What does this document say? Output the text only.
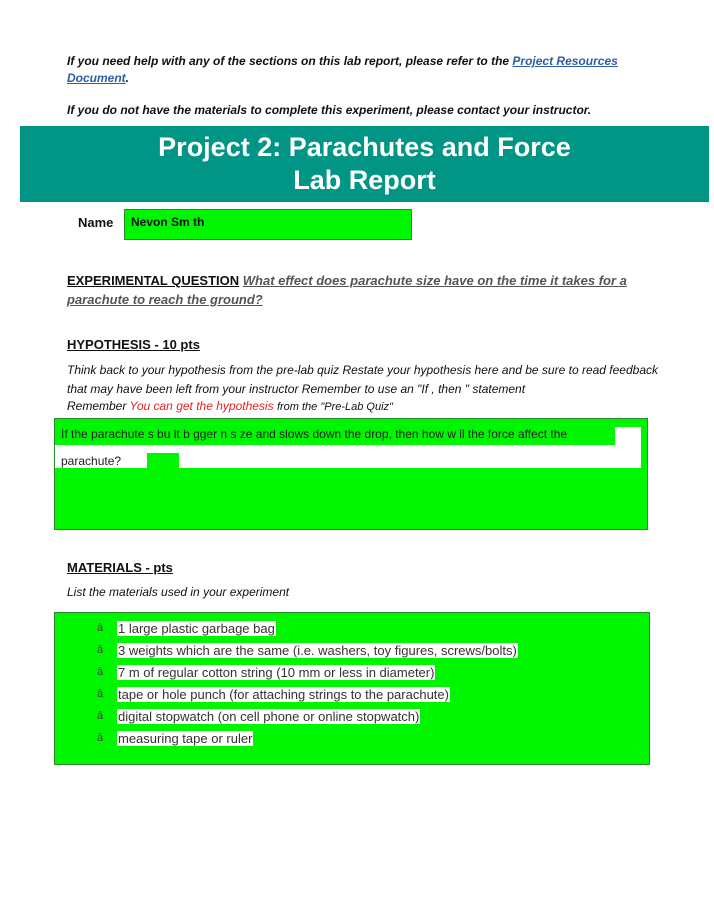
If you need help with any of the sections on this lab report, please refer to the Project Resources Document.
If you do not have the materials to complete this experiment, please contact your instructor.
Project 2: Parachutes and Force
Lab Report
Name	Nevon Sm th
EXPERIMENTAL QUESTION What effect does parachute size have on the time it takes for a parachute to reach the ground?
HYPOTHESIS - 10 pts
Think back to your hypothesis from the pre-lab quiz Restate your hypothesis here and be sure to read feedback that may have been left from your instructor Remember to use an "If , then " statement
Remember You can get the hypothesis from the "Pre-Lab Quiz"
If the parachute s bu lt b gger n s ze and slows down the drop, then how w ll the force affect the
parachute?
MATERIALS - pts
List the materials used in your experiment
â	1 large plastic garbage bag
â	3 weights which are the same (i.e. washers, toy figures, screws/bolts)
â	7 m of regular cotton string (10 mm or less in diameter)
â	tape or hole punch (for attaching strings to the parachute)
â	digital stopwatch (on cell phone or online stopwatch)
â	measuring tape or ruler
